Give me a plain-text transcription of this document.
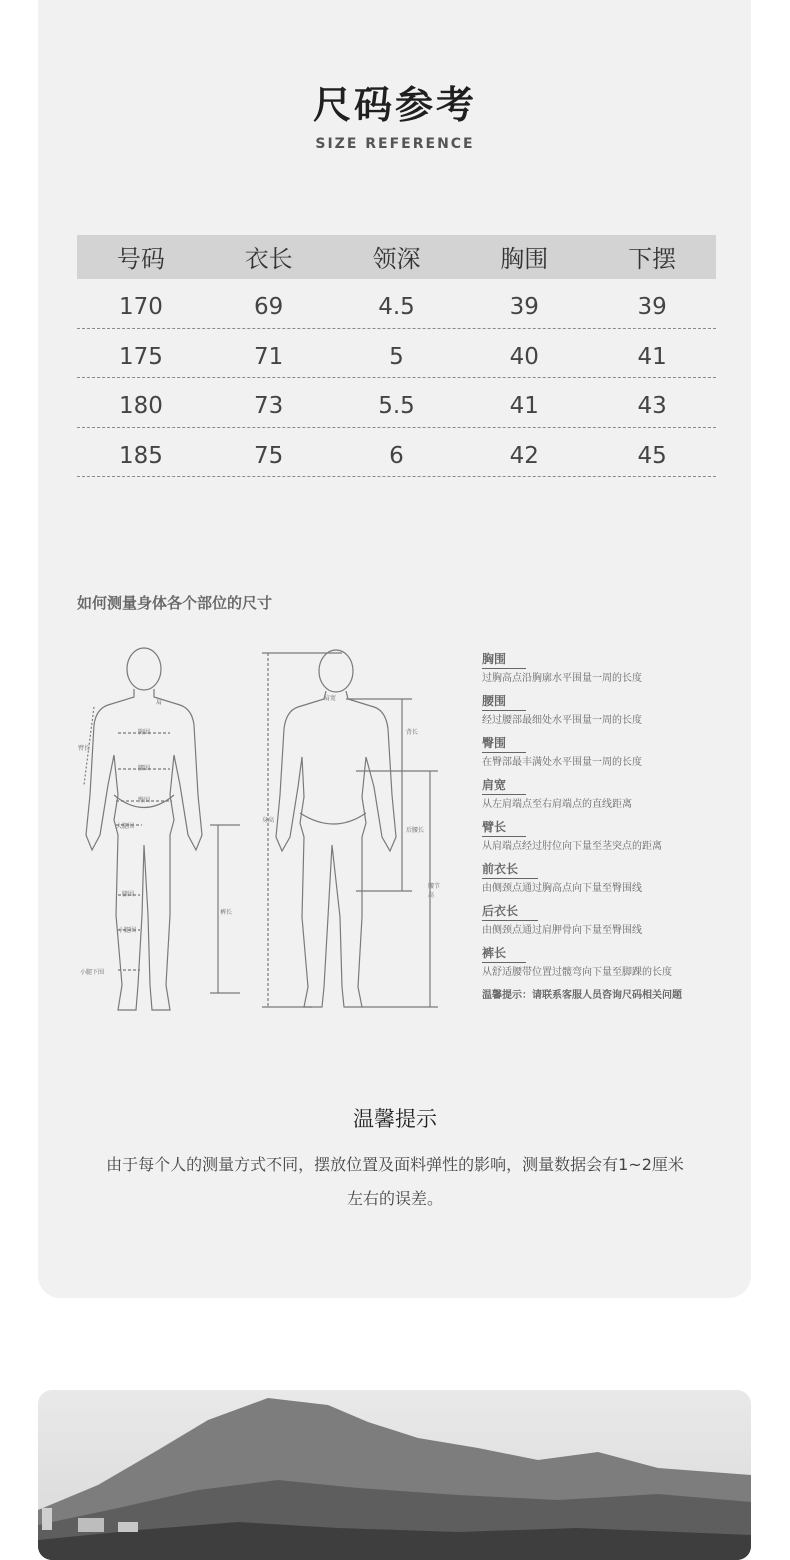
尺码参考
SIZE REFERENCE
号码	衣长	领深	胸围	下摆
170	69	4.5	39	39
175	71	5	40	41
180	73	5.5	41	43
185	75	6	42	45
如何测量身体各个部位的尺寸
肩
胸围
腰围
臀围
大腿围
膝围
小腿围
小腿下围
臂长
裤长
肩宽
背长
后腰长
身高
腰节高
胸围
过胸高点沿胸廓水平围量一周的长度
腰围
经过腰部最细处水平围量一周的长度
臀围
在臀部最丰满处水平围量一周的长度
肩宽
从左肩端点至右肩端点的直线距离
臂长
从肩端点经过肘位向下量至茎突点的距离
前衣长
由侧颈点通过胸高点向下量至臀围线
后衣长
由侧颈点通过肩胛骨向下量至臀围线
裤长
从舒适腰带位置过髋弯向下量至脚踝的长度
温馨提示：请联系客服人员咨询尺码相关问题
温馨提示
由于每个人的测量方式不同，摆放位置及面料弹性的影响，测量数据会有1~2厘米左右的误差。
